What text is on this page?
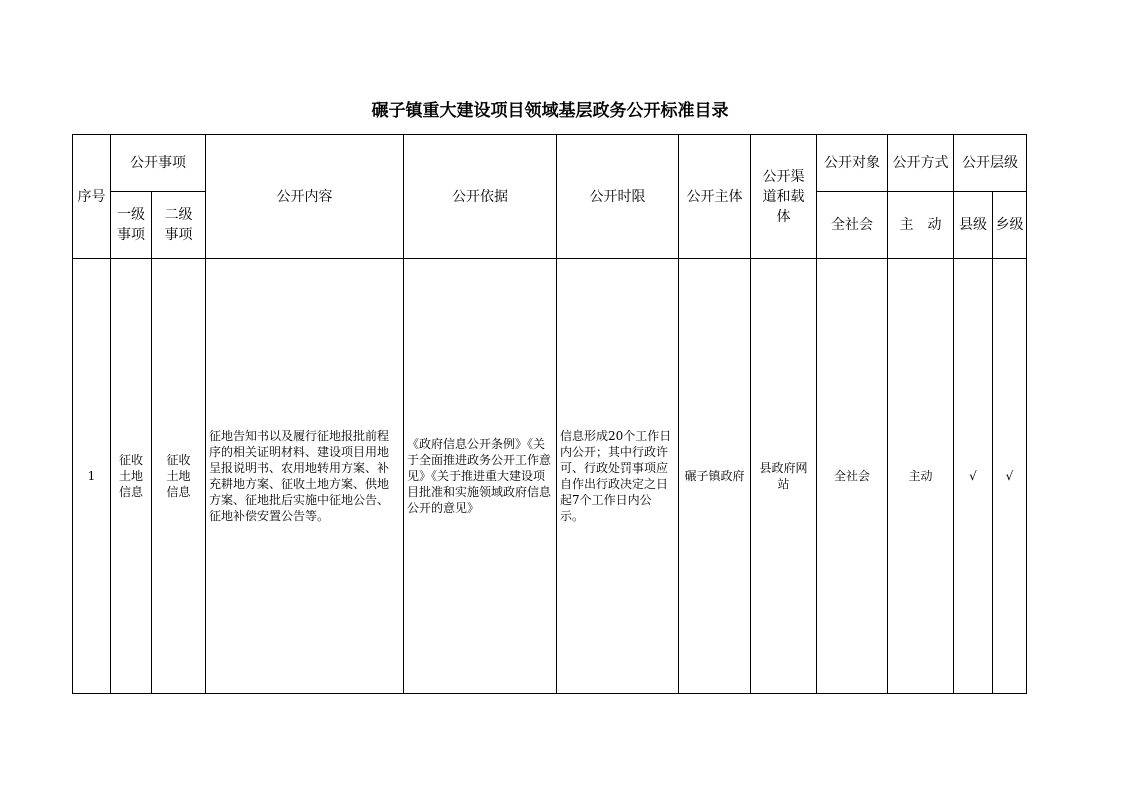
碾子镇重大建设项目领域基层政务公开标准目录
序号	公开事项		公开内容	公开依据	公开时限	公开主体	公开渠
道和载
体	公开对象	公开方式	公开层级	
	一级
事项	二级
事项						全社会	主　动	县级	乡级
1	征收
土地
信息	征收
土地
信息	征地告知书以及履行征地报批前程序的相关证明材料、建设项目用地呈报说明书、农用地转用方案、补充耕地方案、征收土地方案、供地方案、征地批后实施中征地公告、征地补偿安置公告等。	《政府信息公开条例》《关于全面推进政务公开工作意见》《关于推进重大建设项目批准和实施领域政府信息公开的意见》	信息形成20个工作日内公开；其中行政许可、行政处罚事项应自作出行政决定之日起7个工作日内公示。	碾子镇政府	县政府网站	全社会	主动	√	√
